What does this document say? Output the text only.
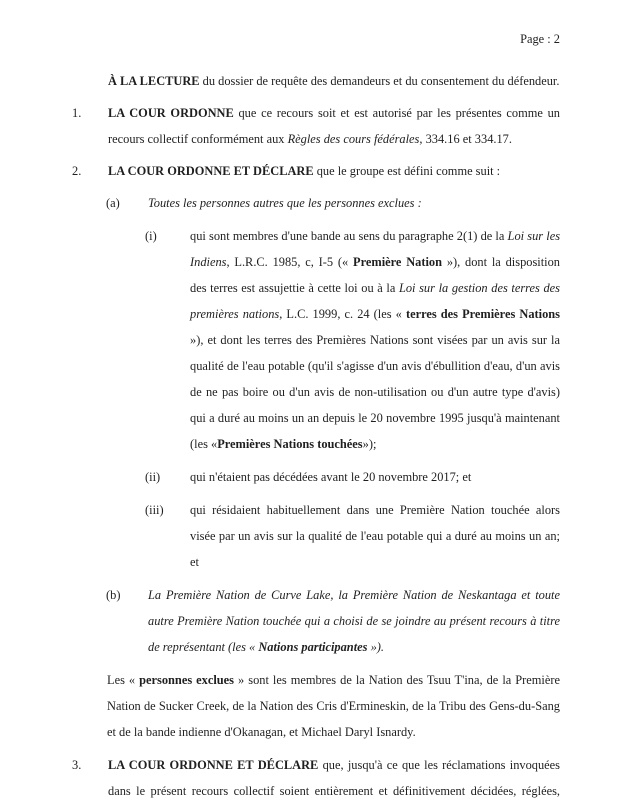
Page : 2

À LA LECTURE du dossier de requête des demandeurs et du consentement du défendeur.

1.	LA COUR ORDONNE que ce recours soit et est autorisé par les présentes comme un recours collectif conformément aux Règles des cours fédérales, 334.16 et 334.17.
2.	LA COUR ORDONNE ET DÉCLARE que le groupe est défini comme suit :
(a)	Toutes les personnes autres que les personnes exclues :
(i)	qui sont membres d'une bande au sens du paragraphe 2(1) de la Loi sur les Indiens, L.R.C. 1985, c, I-5 (« Première Nation »), dont la disposition des terres est assujettie à cette loi ou à la Loi sur la gestion des terres des premières nations, L.C. 1999, c. 24 (les « terres des Premières Nations »), et dont les terres des Premières Nations sont visées par un avis sur la qualité de l'eau potable (qu'il s'agisse d'un avis d'ébullition d'eau, d'un avis de ne pas boire ou d'un avis de non-utilisation ou d'un autre type d'avis) qui a duré au moins un an depuis le 20 novembre 1995 jusqu'à maintenant (les «Premières Nations touchées»);
(ii)	qui n'étaient pas décédées avant le 20 novembre 2017; et
(iii)	qui résidaient habituellement dans une Première Nation touchée alors visée par un avis sur la qualité de l'eau potable qui a duré au moins un an; et
(b)	La Première Nation de Curve Lake, la Première Nation de Neskantaga et toute autre Première Nation touchée qui a choisi de se joindre au présent recours à titre de représentant (les « Nations participantes »).

Les « personnes exclues » sont les membres de la Nation des Tsuu T'ina, de la Première Nation de Sucker Creek, de la Nation des Cris d'Ermineskin, de la Tribu des Gens-du-Sang et de la bande indienne d'Okanagan, et Michael Daryl Isnardy.

3.	LA COUR ORDONNE ET DÉCLARE que, jusqu'à ce que les réclamations invoquées dans le présent recours collectif soient entièrement et définitivement décidées, réglées,
